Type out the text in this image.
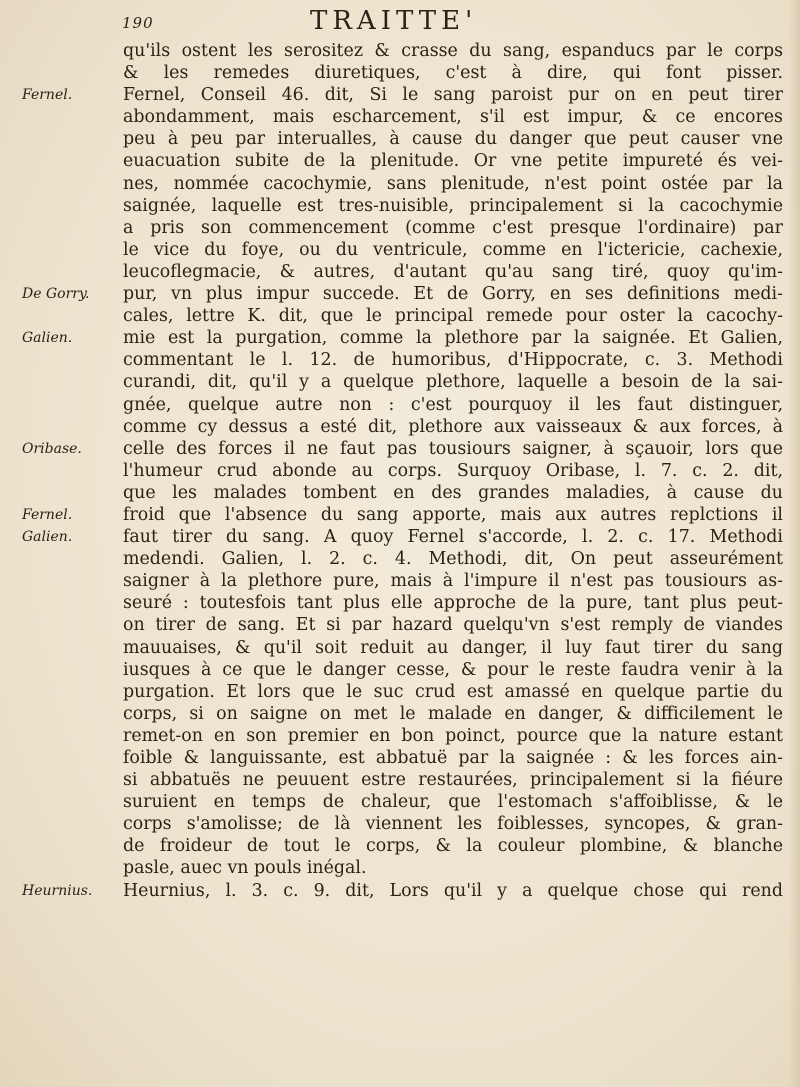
190	TRAITTE'
Fernel.
De Gorry.
Galien.
Oribase.
Fernel.
Galien.
Heurnius.
qu'ils ostent les serositez & crasse du sang, espanducs par le corps
& les remedes diuretiques, c'est à dire, qui font pisser.
Fernel, Conseil 46. dit, Si le sang paroist pur on en peut tirer
abondamment, mais escharcement, s'il est impur, & ce encores
peu à peu par interualles, à cause du danger que peut causer vne
euacuation subite de la plenitude. Or vne petite impureté és vei-
nes, nommée cacochymie, sans plenitude, n'est point ostée par la
saignée, laquelle est tres-nuisible, principalement si la cacochymie
a pris son commencement (comme c'est presque l'ordinaire) par
le vice du foye, ou du ventricule, comme en l'ictericie, cachexie,
leucoflegmacie, & autres, d'autant qu'au sang tiré, quoy qu'im-
pur, vn plus impur succede. Et de Gorry, en ses definitions medi-
cales, lettre K. dit, que le principal remede pour oster la cacochy-
mie est la purgation, comme la plethore par la saignée. Et Galien,
commentant le l. 12. de humoribus, d'Hippocrate, c. 3. Methodi
curandi, dit, qu'il y a quelque plethore, laquelle a besoin de la sai-
gnée, quelque autre non : c'est pourquoy il les faut distinguer,
comme cy dessus a esté dit, plethore aux vaisseaux & aux forces, à
celle des forces il ne faut pas tousiours saigner, à sçauoir, lors que
l'humeur crud abonde au corps. Surquoy Oribase, l. 7. c. 2. dit,
que les malades tombent en des grandes maladies, à cause du
froid que l'absence du sang apporte, mais aux autres replctions il
faut tirer du sang. A quoy Fernel s'accorde, l. 2. c. 17. Methodi
medendi. Galien, l. 2. c. 4. Methodi, dit, On peut asseurément
saigner à la plethore pure, mais à l'impure il n'est pas tousiours as-
seuré : toutesfois tant plus elle approche de la pure, tant plus peut-
on tirer de sang. Et si par hazard quelqu'vn s'est remply de viandes
mauuaises, & qu'il soit reduit au danger, il luy faut tirer du sang
iusques à ce que le danger cesse, & pour le reste faudra venir à la
purgation. Et lors que le suc crud est amassé en quelque partie du
corps, si on saigne on met le malade en danger, & difficilement le
remet-on en son premier en bon poinct, pource que la nature estant
foible & languissante, est abbatuë par la saignée : & les forces ain-
si abbatuës ne peuuent estre restaurées, principalement si la fiéure
suruient en temps de chaleur, que l'estomach s'affoiblisse, & le
corps s'amolisse; de là viennent les foiblesses, syncopes, & gran-
de froideur de tout le corps, & la couleur plombine, & blanche
pasle, auec vn pouls inégal.
Heurnius, l. 3. c. 9. dit, Lors qu'il y a quelque chose qui rend
